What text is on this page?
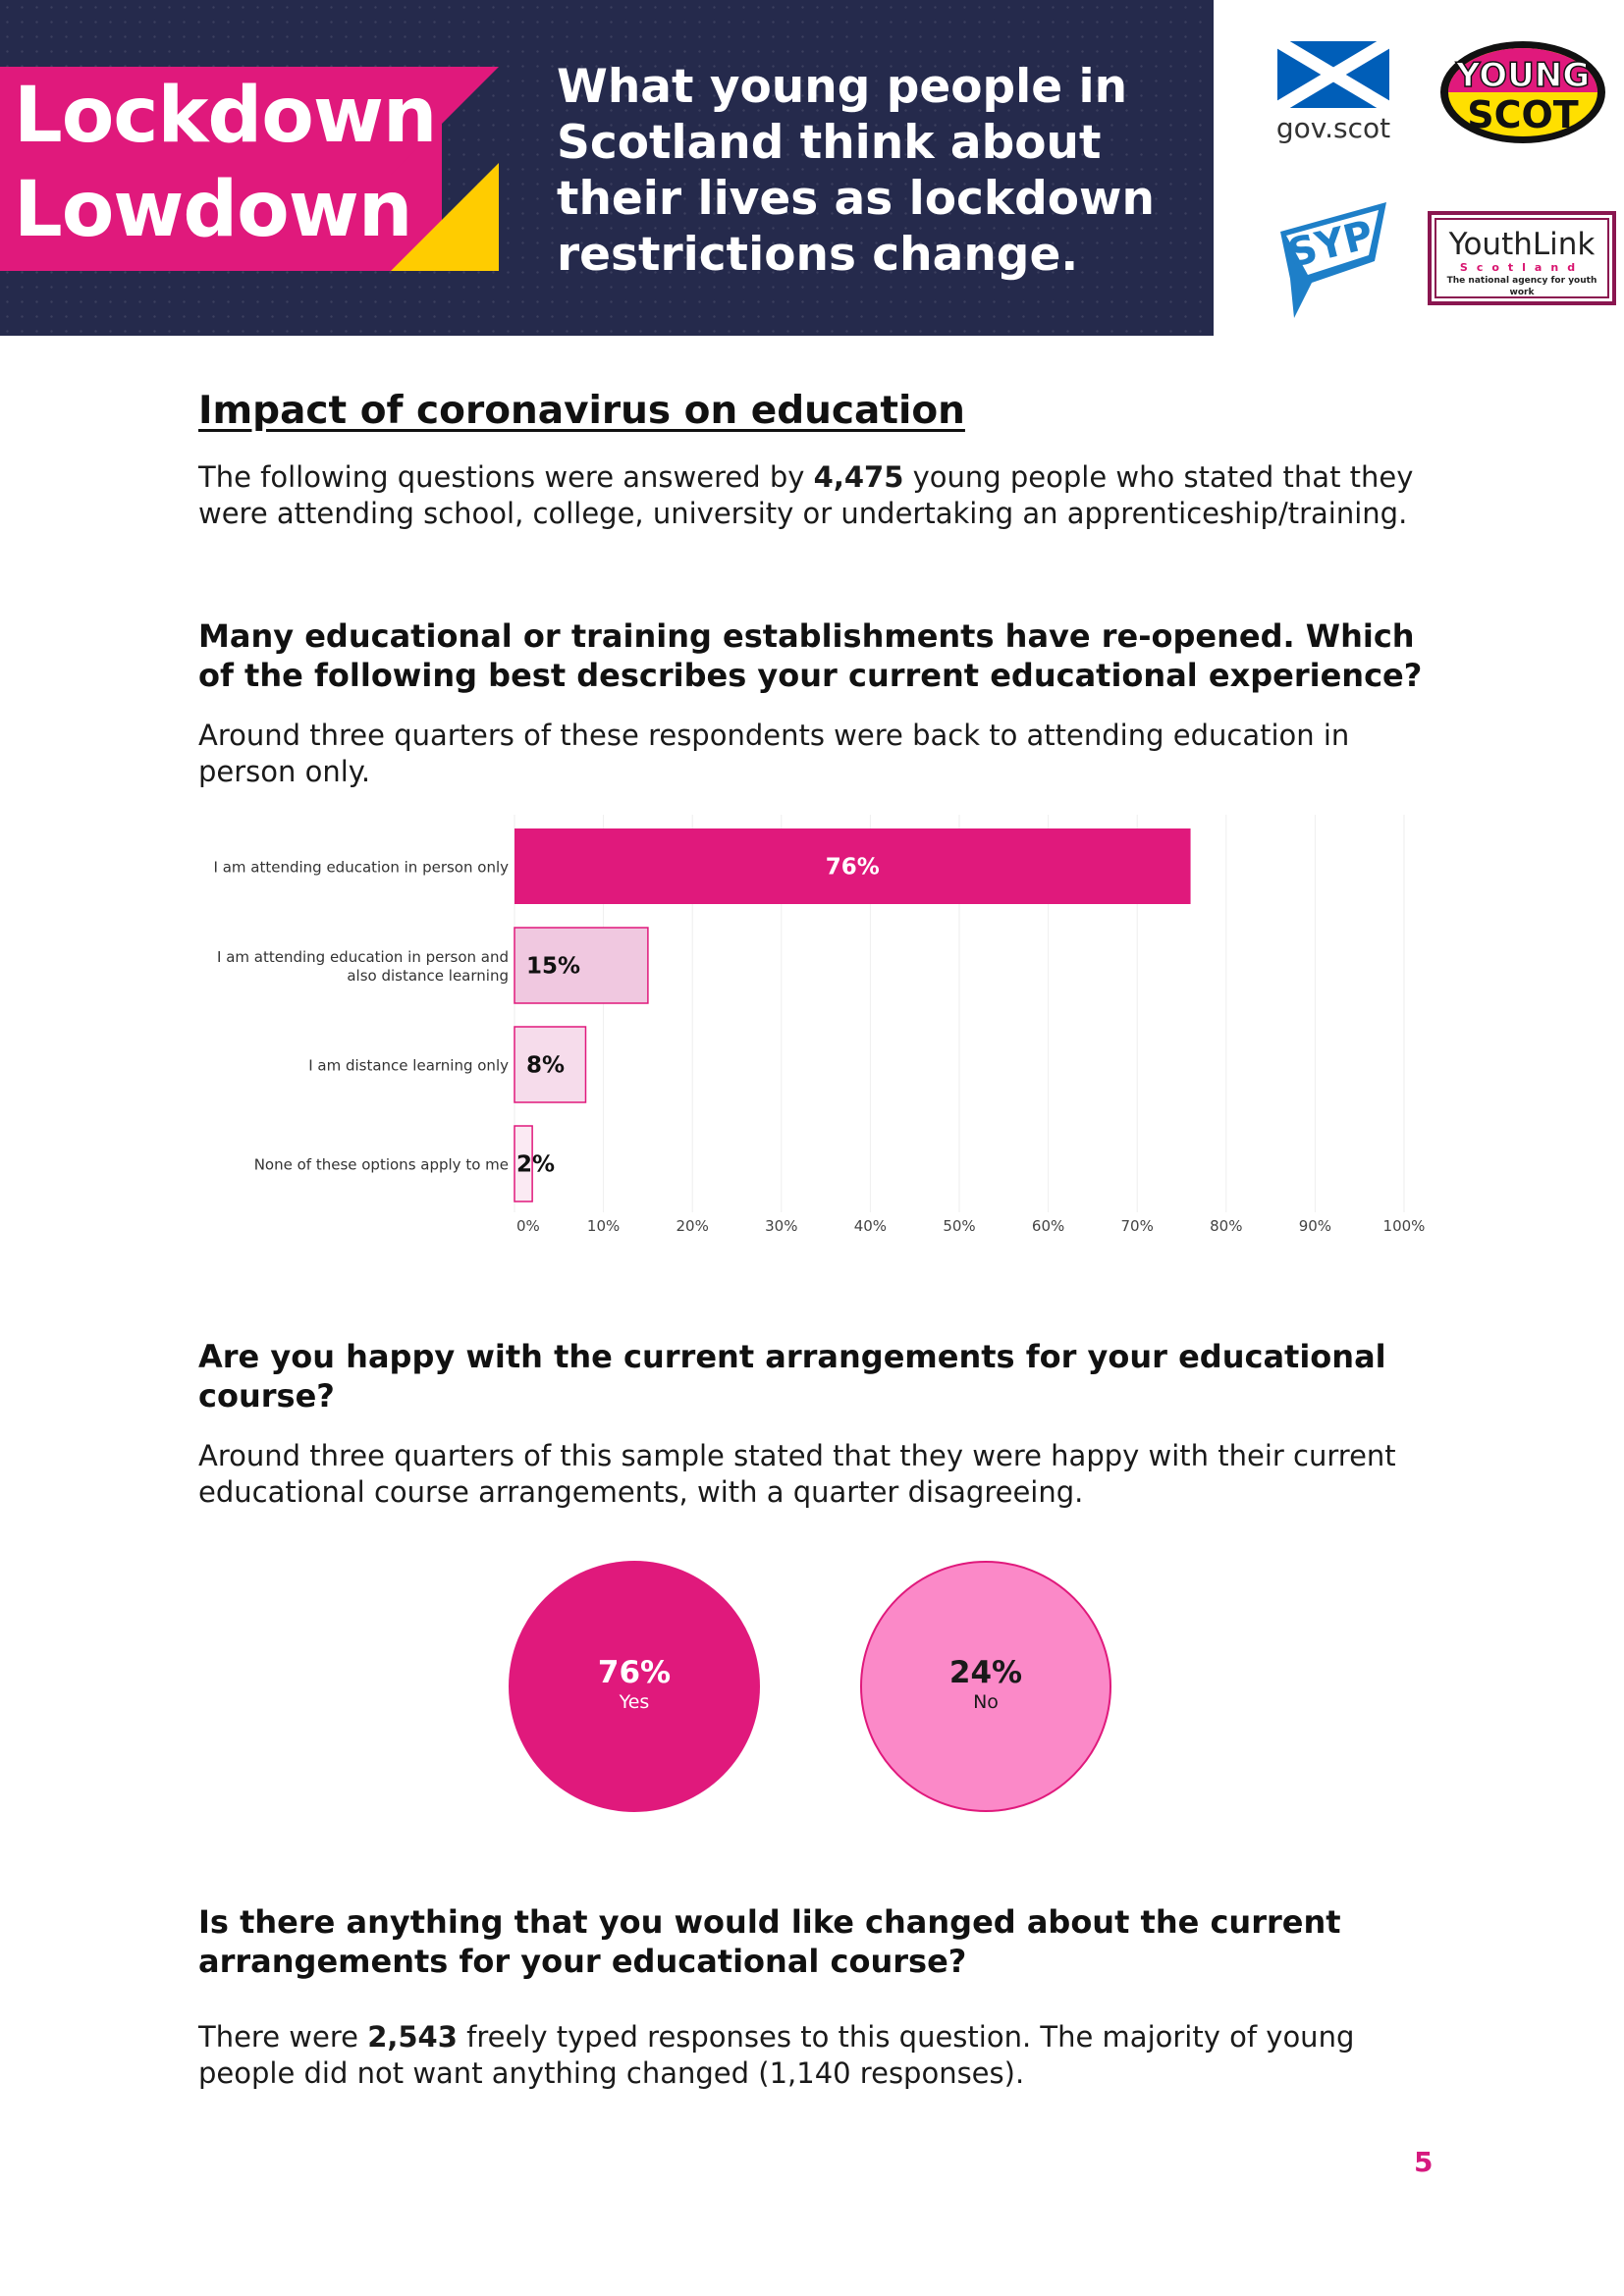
Lockdown
Lowdown

What young people in Scotland think about their lives as lockdown restrictions change.

gov.scot
YOUNG
SCOT
SYP	YouthLink
Scotland
The national agency for youth work
Impact of coronavirus on education

The following questions were answered by 4,475 young people who stated that they were attending school, college, university or undertaking an apprenticeship/training.

Many educational or training establishments have re-opened. Which of the following best describes your current educational experience?

Around three quarters of these respondents were back to attending education in person only.

0%	10%	20%	30%	40%	50%	60%	70%	80%	90%	100%
I am attending education in person only	76%
I am attending education in person and
also distance learning 15%
I am distance learning only 8%
None of these options apply to me 2%

Are you happy with the current arrangements for your educational course?

Around three quarters of this sample stated that they were happy with their current educational course arrangements, with a quarter disagreeing.

76%
Yes
24%
No

Is there anything that you would like changed about the current arrangements for your educational course?

There were 2,543 freely typed responses to this question. The majority of young people did not want anything changed (1,140 responses).

5
